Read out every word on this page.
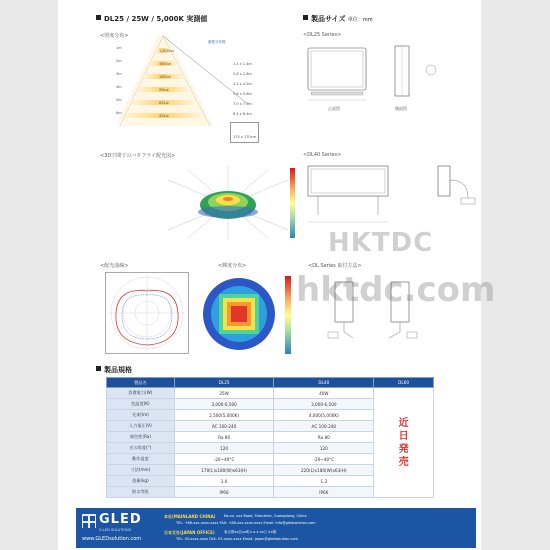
DL25 / 25W / 5,000K 実測値	製品サイズ 単位：mm
<照度分布>
1m
2m
3m
4m
5m
6m
1,520lux
380lux
169lux
95lux
61lux
42lux
照度分布図
1.4 x 1.4m
2.8 x 2.8m
4.2 x 4.2m
5.6 x 5.6m
7.0 x 7.0m
8.4 x 8.4m
170 x 170cm
<DL25 Series>
正面図	側面図
<3D空間でのバタフライ配光図>	<DL40 Series>
HKTDC
hktdc.com
<配光曲線>	<輝度分布>	<DL Series 取付方法>
製品規格
製品名	DL25	DL40	DL60
消費電力(W)	25W	40W	近日発売

色温度(K)	3,000-6,500	3,000-6,500	
光束(lm)	2,500(5,000K)	4,000(5,000K)	
入力電圧(V)	AC 100-240	AC 100-240	
演色性(Ra)	Ra 80	Ra 80	
光の角度(°)	120	120	
動作温度	-20~40°C	-20~40°C	
寸法(mm)	170(L)x180(W)x63(H)	220(L)x180(W)x63(H)	
重量(kg)	1.0	1.2	
防水等級	IP66	IP66	
GLED
G-LED SOLUTIONS
www.GLEDsolution.com
本社(MAINLAND CHINA) No.xx, xxx Road, Shenzhen, Guangdong, China
TEL: +86-xxx-xxxx-xxxx FAX: +86-xxx-xxxx-xxxx Email: info@gledsolution.com
日本支社(JAPAN OFFICE)	東京都xx区xx町x-x-x xxビルx階
TEL: 03-xxxx-xxxx FAX: 03-xxxx-xxxx Email: japan@gledsolution.com
